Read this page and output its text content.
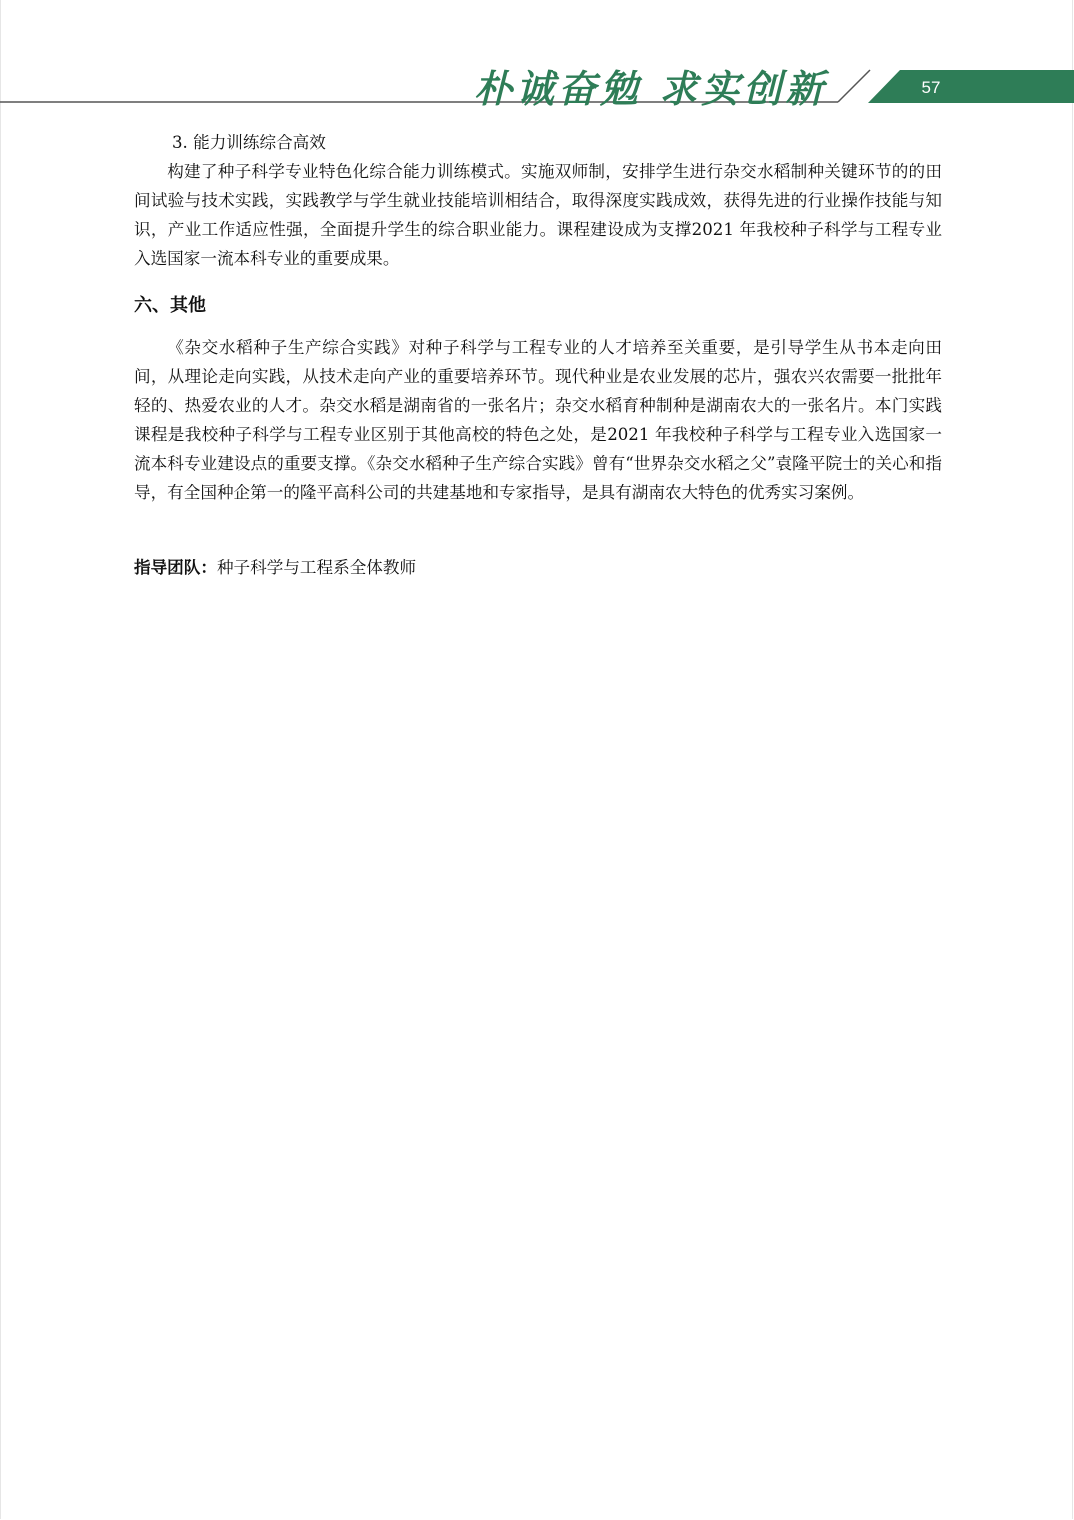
朴诚奋勉 求实创新	57

3. 能力训练综合高效

构建了种子科学专业特色化综合能力训练模式。实施双师制，安排学生进行杂交水稻制种关键环节的的田间试验与技术实践，实践教学与学生就业技能培训相结合，取得深度实践成效，获得先进的行业操作技能与知识，产业工作适应性强，全面提升学生的综合职业能力。课程建设成为支撑2021 年我校种子科学与工程专业入选国家一流本科专业的重要成果。

六、其他

《杂交水稻种子生产综合实践》对种子科学与工程专业的人才培养至关重要，是引导学生从书本走向田间，从理论走向实践，从技术走向产业的重要培养环节。现代种业是农业发展的芯片，强农兴农需要一批批年轻的、热爱农业的人才。杂交水稻是湖南省的一张名片；杂交水稻育种制种是湖南农大的一张名片。本门实践课程是我校种子科学与工程专业区别于其他高校的特色之处，是2021 年我校种子科学与工程专业入选国家一流本科专业建设点的重要支撑。《杂交水稻种子生产综合实践》曾有“世界杂交水稻之父”袁隆平院士的关心和指导，有全国种企第一的隆平高科公司的共建基地和专家指导，是具有湖南农大特色的优秀实习案例。

指导团队：种子科学与工程系全体教师
